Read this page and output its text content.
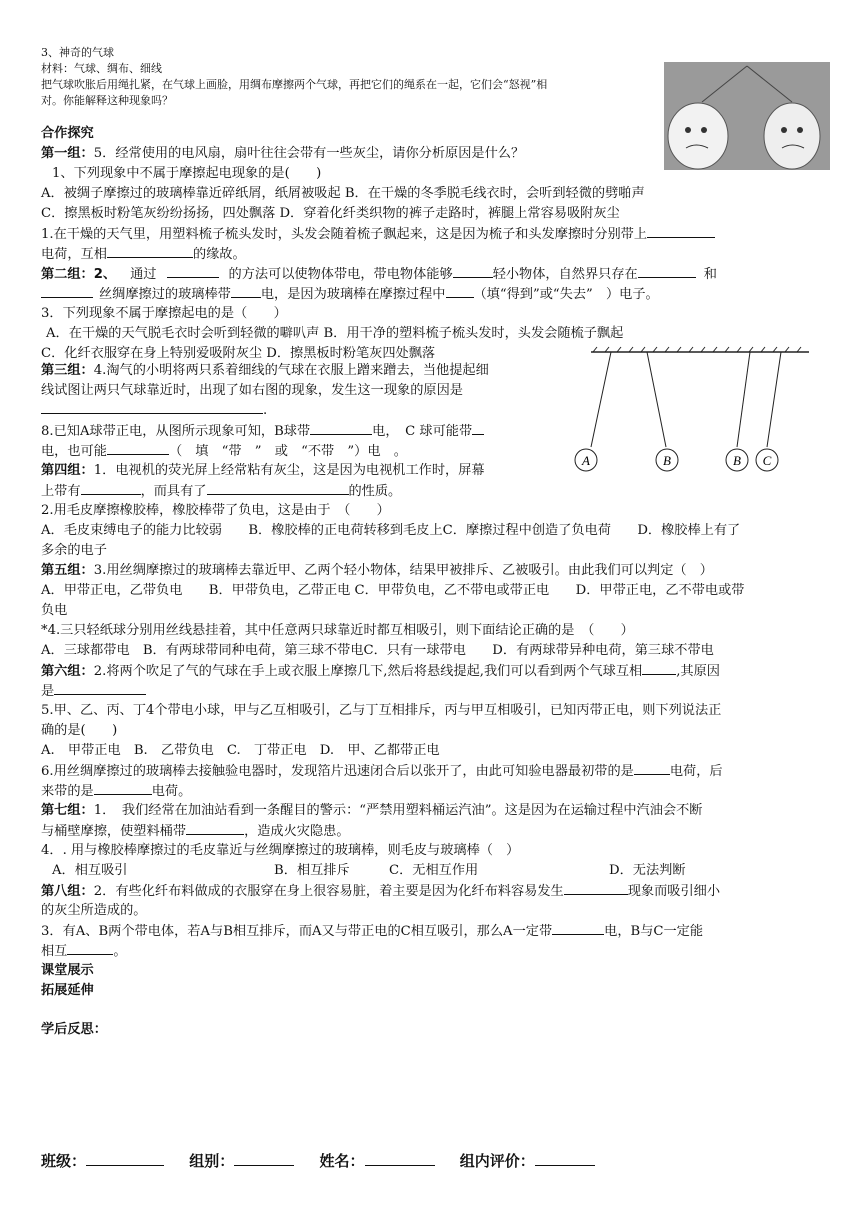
3、神奇的气球
材料：气球、绸布、细线
把气球吹胀后用绳扎紧，在气球上画脸，用绸布摩擦两个气球，再把它们的绳系在一起，它们会“怒视”相
对。你能解释这种现象吗？
合作探究
第一组：5．经常使用的电风扇，扇叶往往会带有一些灰尘，请你分析原因是什么？
1、下列现象中不属于摩擦起电现象的是(　　)
A．被绸子摩擦过的玻璃棒靠近碎纸屑，纸屑被吸起 B．在干燥的冬季脱毛线衣时，会听到轻微的劈啪声
C．擦黑板时粉笔灰纷纷扬扬，四处飘落 D．穿着化纤类织物的裤子走路时，裤腿上常容易吸附灰尘
1.在干燥的天气里，用塑料梳子梳头发时，头发会随着梳子飘起来，这是因为梳子和头发摩擦时分别带上
电荷，互相	的缘故。
第二组：2、 通过	的方法可以使物体带电，带电物体能够	轻小物体，自然界只存在	和
丝绸摩擦过的玻璃棒带 电，是因为玻璃棒在摩擦过程中 （填“得到”或“失去”　）电子。
3．下列现象不属于摩擦起电的是（　　）
A．在干燥的天气脱毛衣时会听到轻微的噼叭声 B．用干净的塑料梳子梳头发时，头发会随梳子飘起
C．化纤衣服穿在身上特别爱吸附灰尘 D．擦黑板时粉笔灰四处飘落
A	B	B C
第三组：4.淘气的小明将两只系着细线的气球在衣服上蹭来蹭去，当他提起细
线试图让两只气球靠近时，出现了如右图的现象，发生这一现象的原因是
.
8.已知A球带正电，从图所示现象可知，B球带	电，　C 球可能带
电，也可能	（　填　“带　”　或　“不带　”）电　。
第四组：1．电视机的荧光屏上经常粘有灰尘，这是因为电视机工作时，屏幕
上带有	，而具有了	的性质。
2.用毛皮摩擦橡胶棒，橡胶棒带了负电，这是由于　（　　）
A．毛皮束缚电子的能力比较弱　　B．橡胶棒的正电荷转移到毛皮上C．摩擦过程中创造了负电荷　　D．橡胶棒上有了
多余的电子
第五组：3.用丝绸摩擦过的玻璃棒去靠近甲、乙两个轻小物体，结果甲被排斥、乙被吸引。由此我们可以判定（　）
A．甲带正电，乙带负电　　B．甲带负电，乙带正电 C．甲带负电，乙不带电或带正电　　D．甲带正电，乙不带电或带
负电
*4.三只轻纸球分别用丝线悬挂着，其中任意两只球靠近时都互相吸引，则下面结论正确的是　（　　）
A．三球都带电　B．有两球带同种电荷，第三球不带电C．只有一球带电　　D．有两球带异种电荷，第三球不带电
第六组：2.将两个吹足了气的气球在手上或衣服上摩擦几下,然后将悬线提起,我们可以看到两个气球互相	,其原因
是
5.甲、乙、丙、丁4个带电小球，甲与乙互相吸引，乙与丁互相排斥，丙与甲互相吸引，已知丙带正电，则下列说法正
确的是(　　)
A.　甲带正电　B.　乙带负电　C.　丁带正电　D.　甲、乙都带正电
6.用丝绸摩擦过的玻璃棒去接触验电器时，发现箔片迅速闭合后以张开了，由此可知验电器最初带的是	电荷，后
来带的是	电荷。
第七组：1．　我们经常在加油站看到一条醒目的警示：“严禁用塑料桶运汽油”。这是因为在运输过程中汽油会不断
与桶壁摩擦，使塑料桶带	，造成火灾隐患。
4．. 用与橡胶棒摩擦过的毛皮靠近与丝绸摩擦过的玻璃棒，则毛皮与玻璃棒（　）
A．相互吸引	B．相互排斥	C．无相互作用	D．无法判断
第八组：2．有些化纤布料做成的衣服穿在身上很容易脏，着主要是因为化纤布料容易发生	现象而吸引细小
的灰尘所造成的。
3．有A、B两个带电体，若A与B相互排斥，而A又与带正电的C相互吸引，那么A一定带	电，B与C一定能
相互	。
课堂展示
拓展延伸
学后反思：
班级：	组别：	姓名：	组内评价：
